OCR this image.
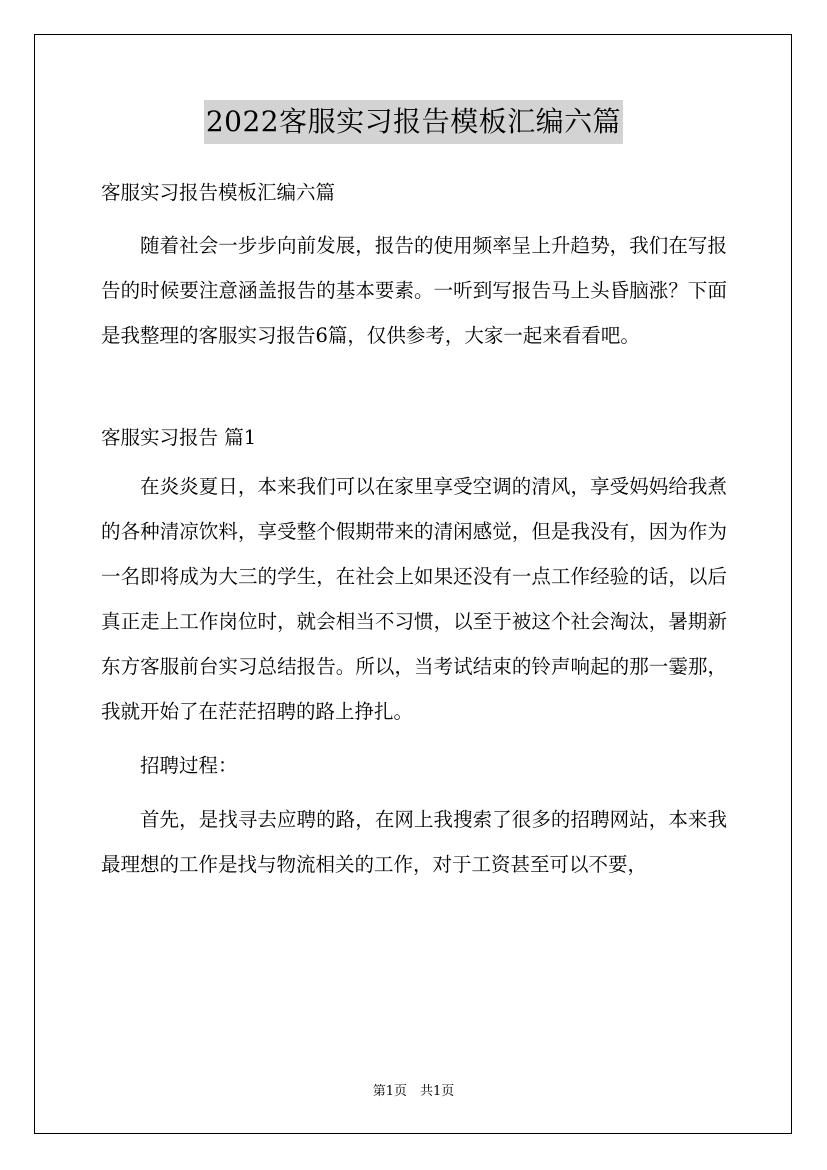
2022客服实习报告模板汇编六篇

客服实习报告模板汇编六篇

随着社会一步步向前发展，报告的使用频率呈上升趋势，我们在写报告的时候要注意涵盖报告的基本要素。一听到写报告马上头昏脑涨？下面是我整理的客服实习报告6篇，仅供参考，大家一起来看看吧。

客服实习报告 篇1

在炎炎夏日，本来我们可以在家里享受空调的清风，享受妈妈给我煮的各种清凉饮料，享受整个假期带来的清闲感觉，但是我没有，因为作为一名即将成为大三的学生，在社会上如果还没有一点工作经验的话，以后真正走上工作岗位时，就会相当不习惯，以至于被这个社会淘汰，暑期新东方客服前台实习总结报告。所以，当考试结束的铃声响起的那一霎那，我就开始了在茫茫招聘的路上挣扎。

招聘过程：

首先，是找寻去应聘的路，在网上我搜索了很多的招聘网站，本来我最理想的工作是找与物流相关的工作，对于工资甚至可以不要，

第1页　共1页
